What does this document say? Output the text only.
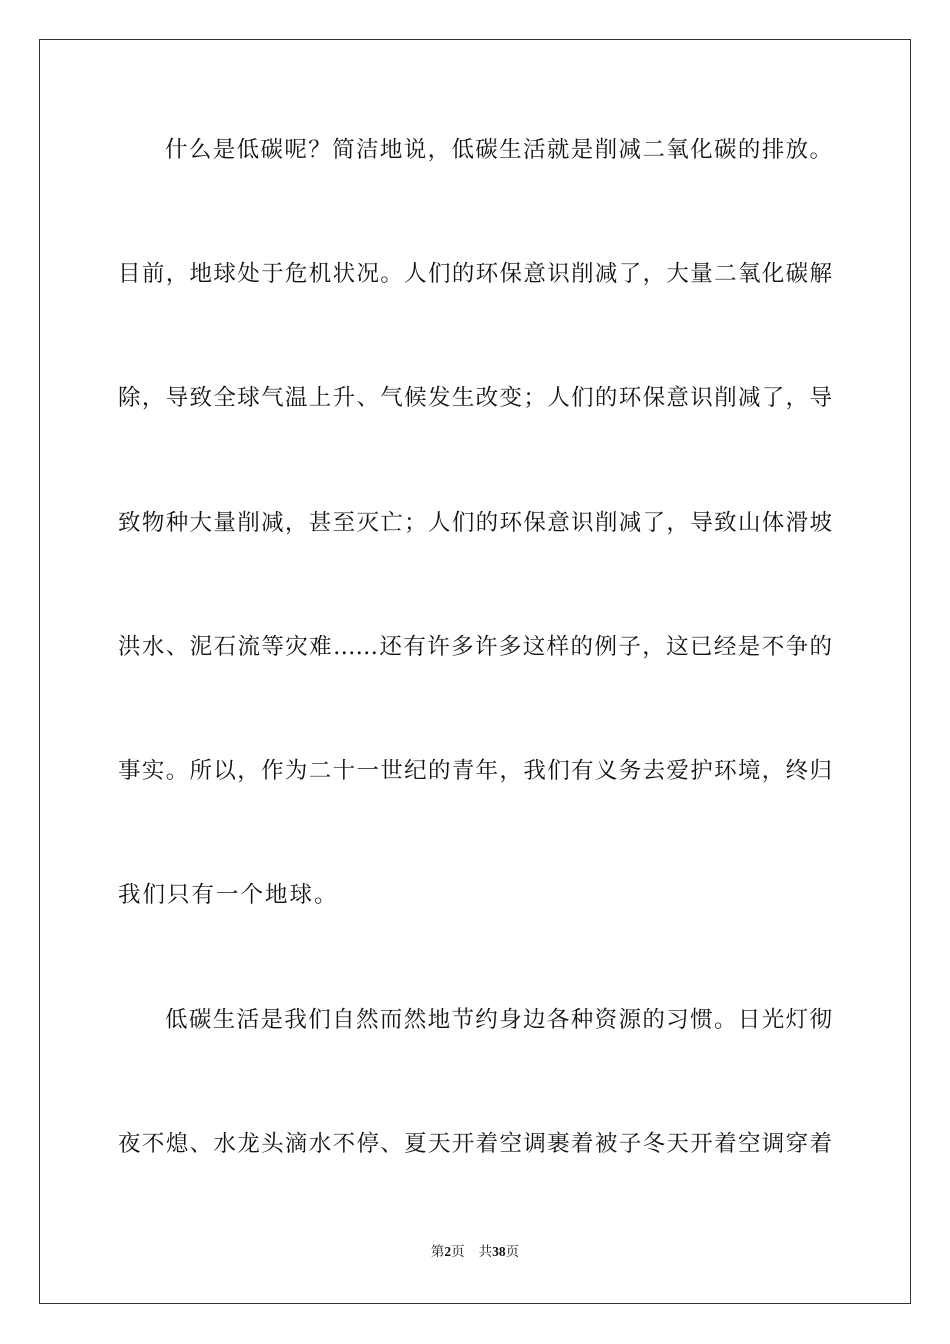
什么是低碳呢？简洁地说，低碳生活就是削减二氧化碳的排放。
目前，地球处于危机状况。人们的环保意识削减了，大量二氧化碳解
除，导致全球气温上升、气候发生改变；人们的环保意识削减了，导
致物种大量削减，甚至灭亡；人们的环保意识削减了，导致山体滑坡
洪水、泥石流等灾难……还有许多许多这样的例子，这已经是不争的
事实。所以，作为二十一世纪的青年，我们有义务去爱护环境，终归
我们只有一个地球。
低碳生活是我们自然而然地节约身边各种资源的习惯。日光灯彻
夜不熄、水龙头滴水不停、夏天开着空调裹着被子冬天开着空调穿着
第2页 共38页
